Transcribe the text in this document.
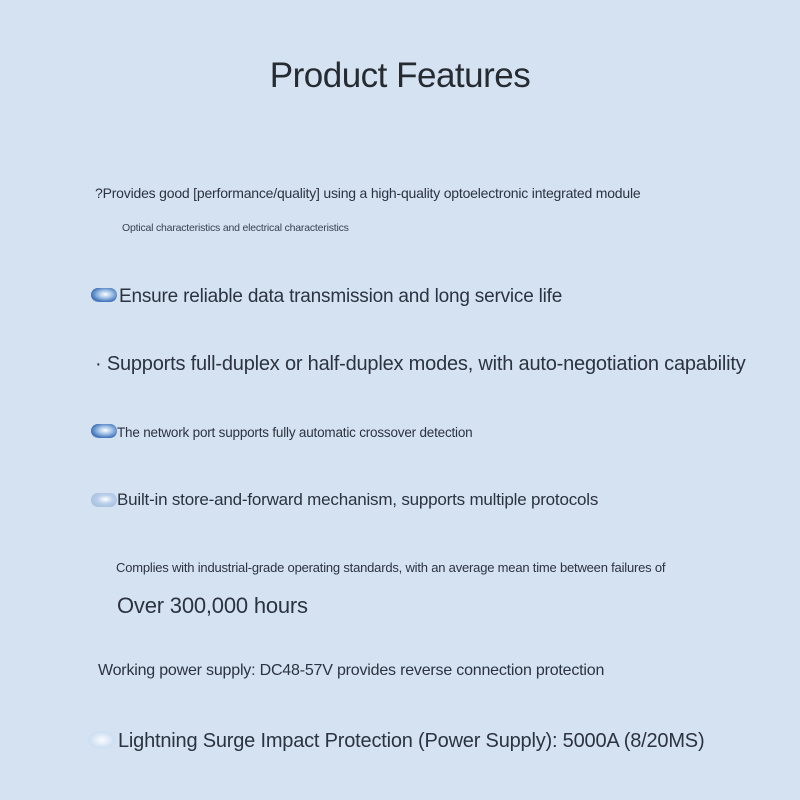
Product Features
?Provides good [performance/quality] using a high-quality optoelectronic integrated module
Optical characteristics and electrical characteristics
Ensure reliable data transmission and long service life
· Supports full-duplex or half-duplex modes, with auto-negotiation capability
The network port supports fully automatic crossover detection
Built-in store-and-forward mechanism, supports multiple protocols
Complies with industrial-grade operating standards, with an average mean time between failures of
Over 300,000 hours
Working power supply: DC48-57V provides reverse connection protection
Lightning Surge Impact Protection (Power Supply): 5000A (8/20MS)
